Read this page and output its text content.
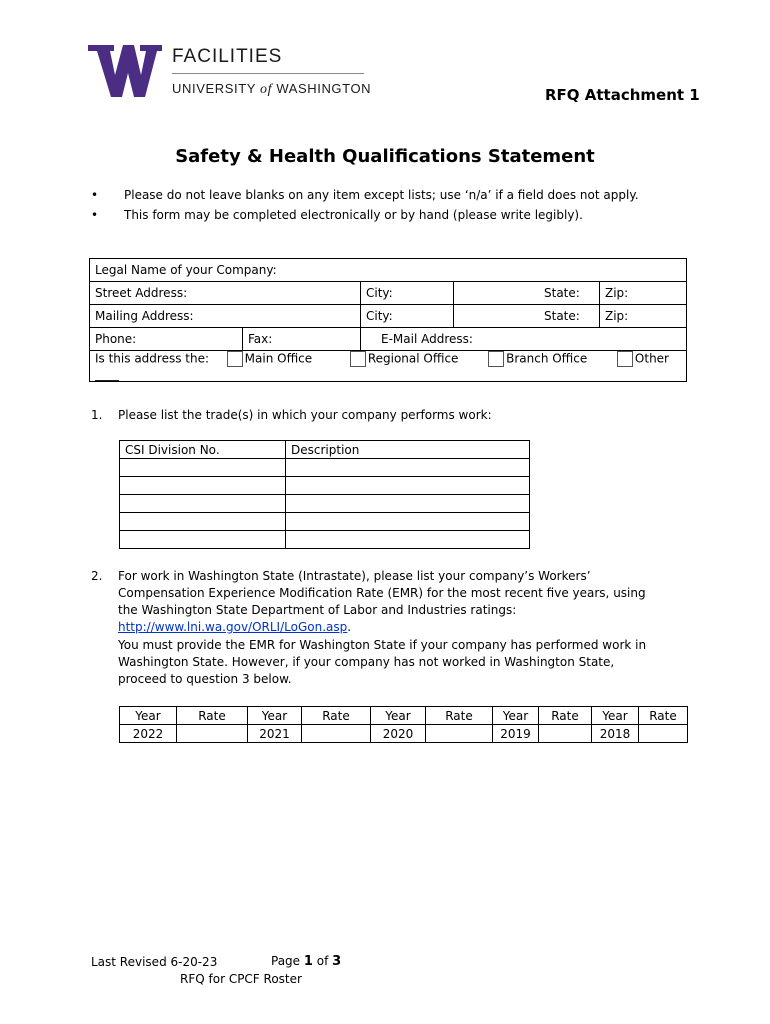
FACILITIES
UNIVERSITY of WASHINGTON	RFQ Attachment 1
Safety & Health Qualifications Statement
• Please do not leave blanks on any item except lists; use ‘n/a’ if a field does not apply.
• This form may be completed electronically or by hand (please write legibly).
Legal Name of your Company:				
Street Address:		City:	State:	Zip:
Mailing Address:		City:	State:	Zip:
Phone:	Fax:	E-Mail Address:		
Is this address the: Main Office Regional Office Branch Office Other ____				
1. Please list the trade(s) in which your company performs work:
CSI Division No.	Description

2. For work in Washington State (Intrastate), please list your company’s Workers’ Compensation Experience Modification Rate (EMR) for the most recent five years, using the Washington State Department of Labor and Industries ratings: http://www.lni.wa.gov/ORLI/LoGon.asp.
You must provide the EMR for Washington State if your company has performed work in Washington State. However, if your company has not worked in Washington State, proceed to question 3 below.
Year	Rate	Year	Rate	Year	Rate	Year	Rate	Year	Rate
2022		2021		2020		2019		2018	
Last Revised 6-20-23	Page 1 of 3
RFQ for CPCF Roster
